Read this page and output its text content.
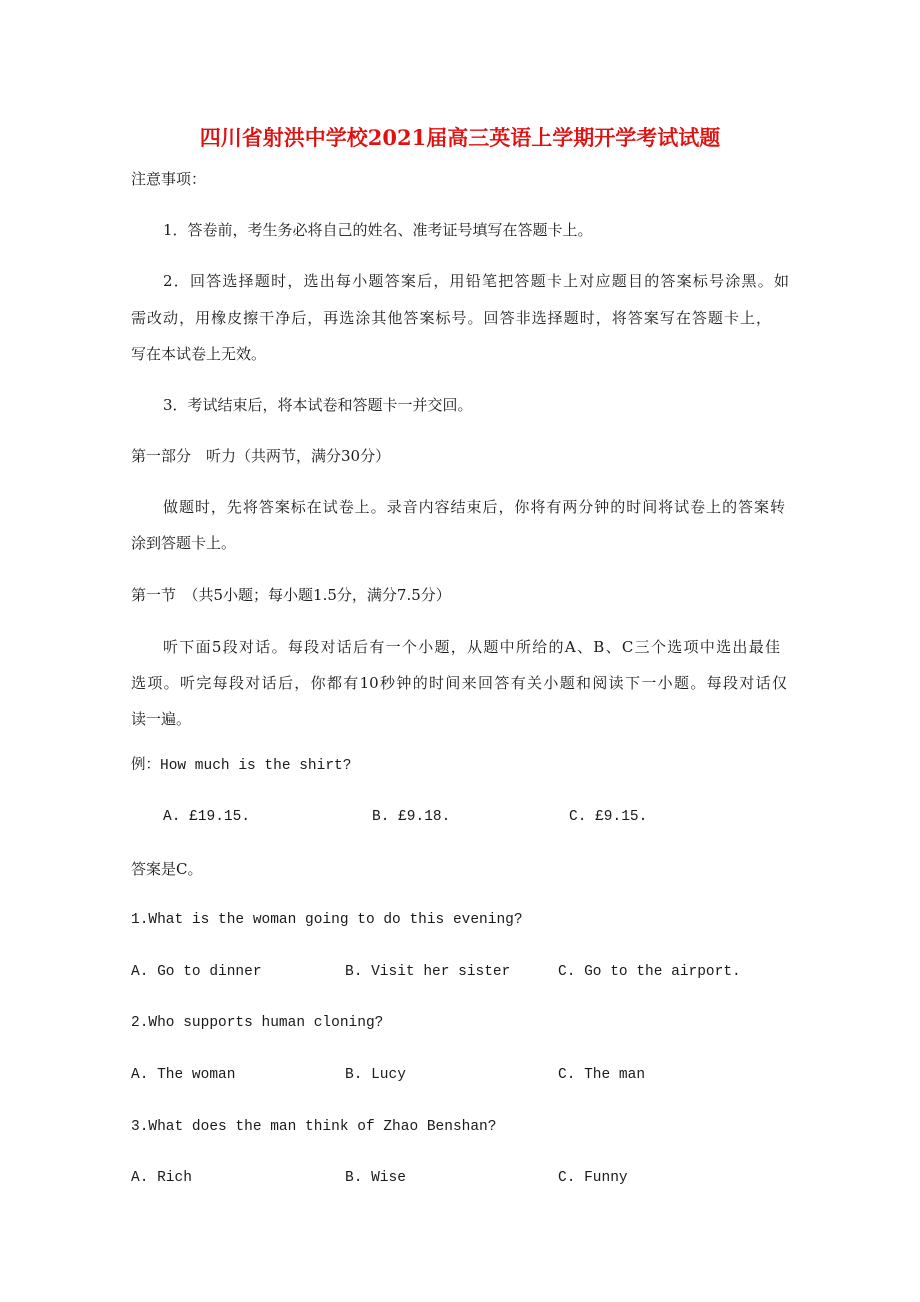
四川省射洪中学校2021届高三英语上学期开学考试试题
注意事项：
1．答卷前，考生务必将自己的姓名、准考证号填写在答题卡上。
2．回答选择题时，选出每小题答案后，用铅笔把答题卡上对应题目的答案标号涂黑。如
需改动，用橡皮擦干净后，再选涂其他答案标号。回答非选择题时，将答案写在答题卡上，
写在本试卷上无效。
3．考试结束后，将本试卷和答题卡一并交回。
第一部分　听力（共两节，满分30分）
做题时，先将答案标在试卷上。录音内容结束后，你将有两分钟的时间将试卷上的答案转
涂到答题卡上。
第一节　（共5小题；每小题1.5分，满分7.5分）
听下面5段对话。每段对话后有一个小题，从题中所给的A、B、C三个选项中选出最佳
选项。听完每段对话后，你都有10秒钟的时间来回答有关小题和阅读下一小题。每段对话仅
读一遍。
例：How much is the shirt?
A. £19.15.	B. £9.18.	C. £9.15.
答案是C。
1.What is the woman going to do this evening?
A. Go to dinner	B. Visit her sister	C. Go to the airport.
2.Who supports human cloning?
A. The woman	B. Lucy	C. The man
3.What does the man think of Zhao Benshan?
A. Rich	B. Wise	C. Funny
